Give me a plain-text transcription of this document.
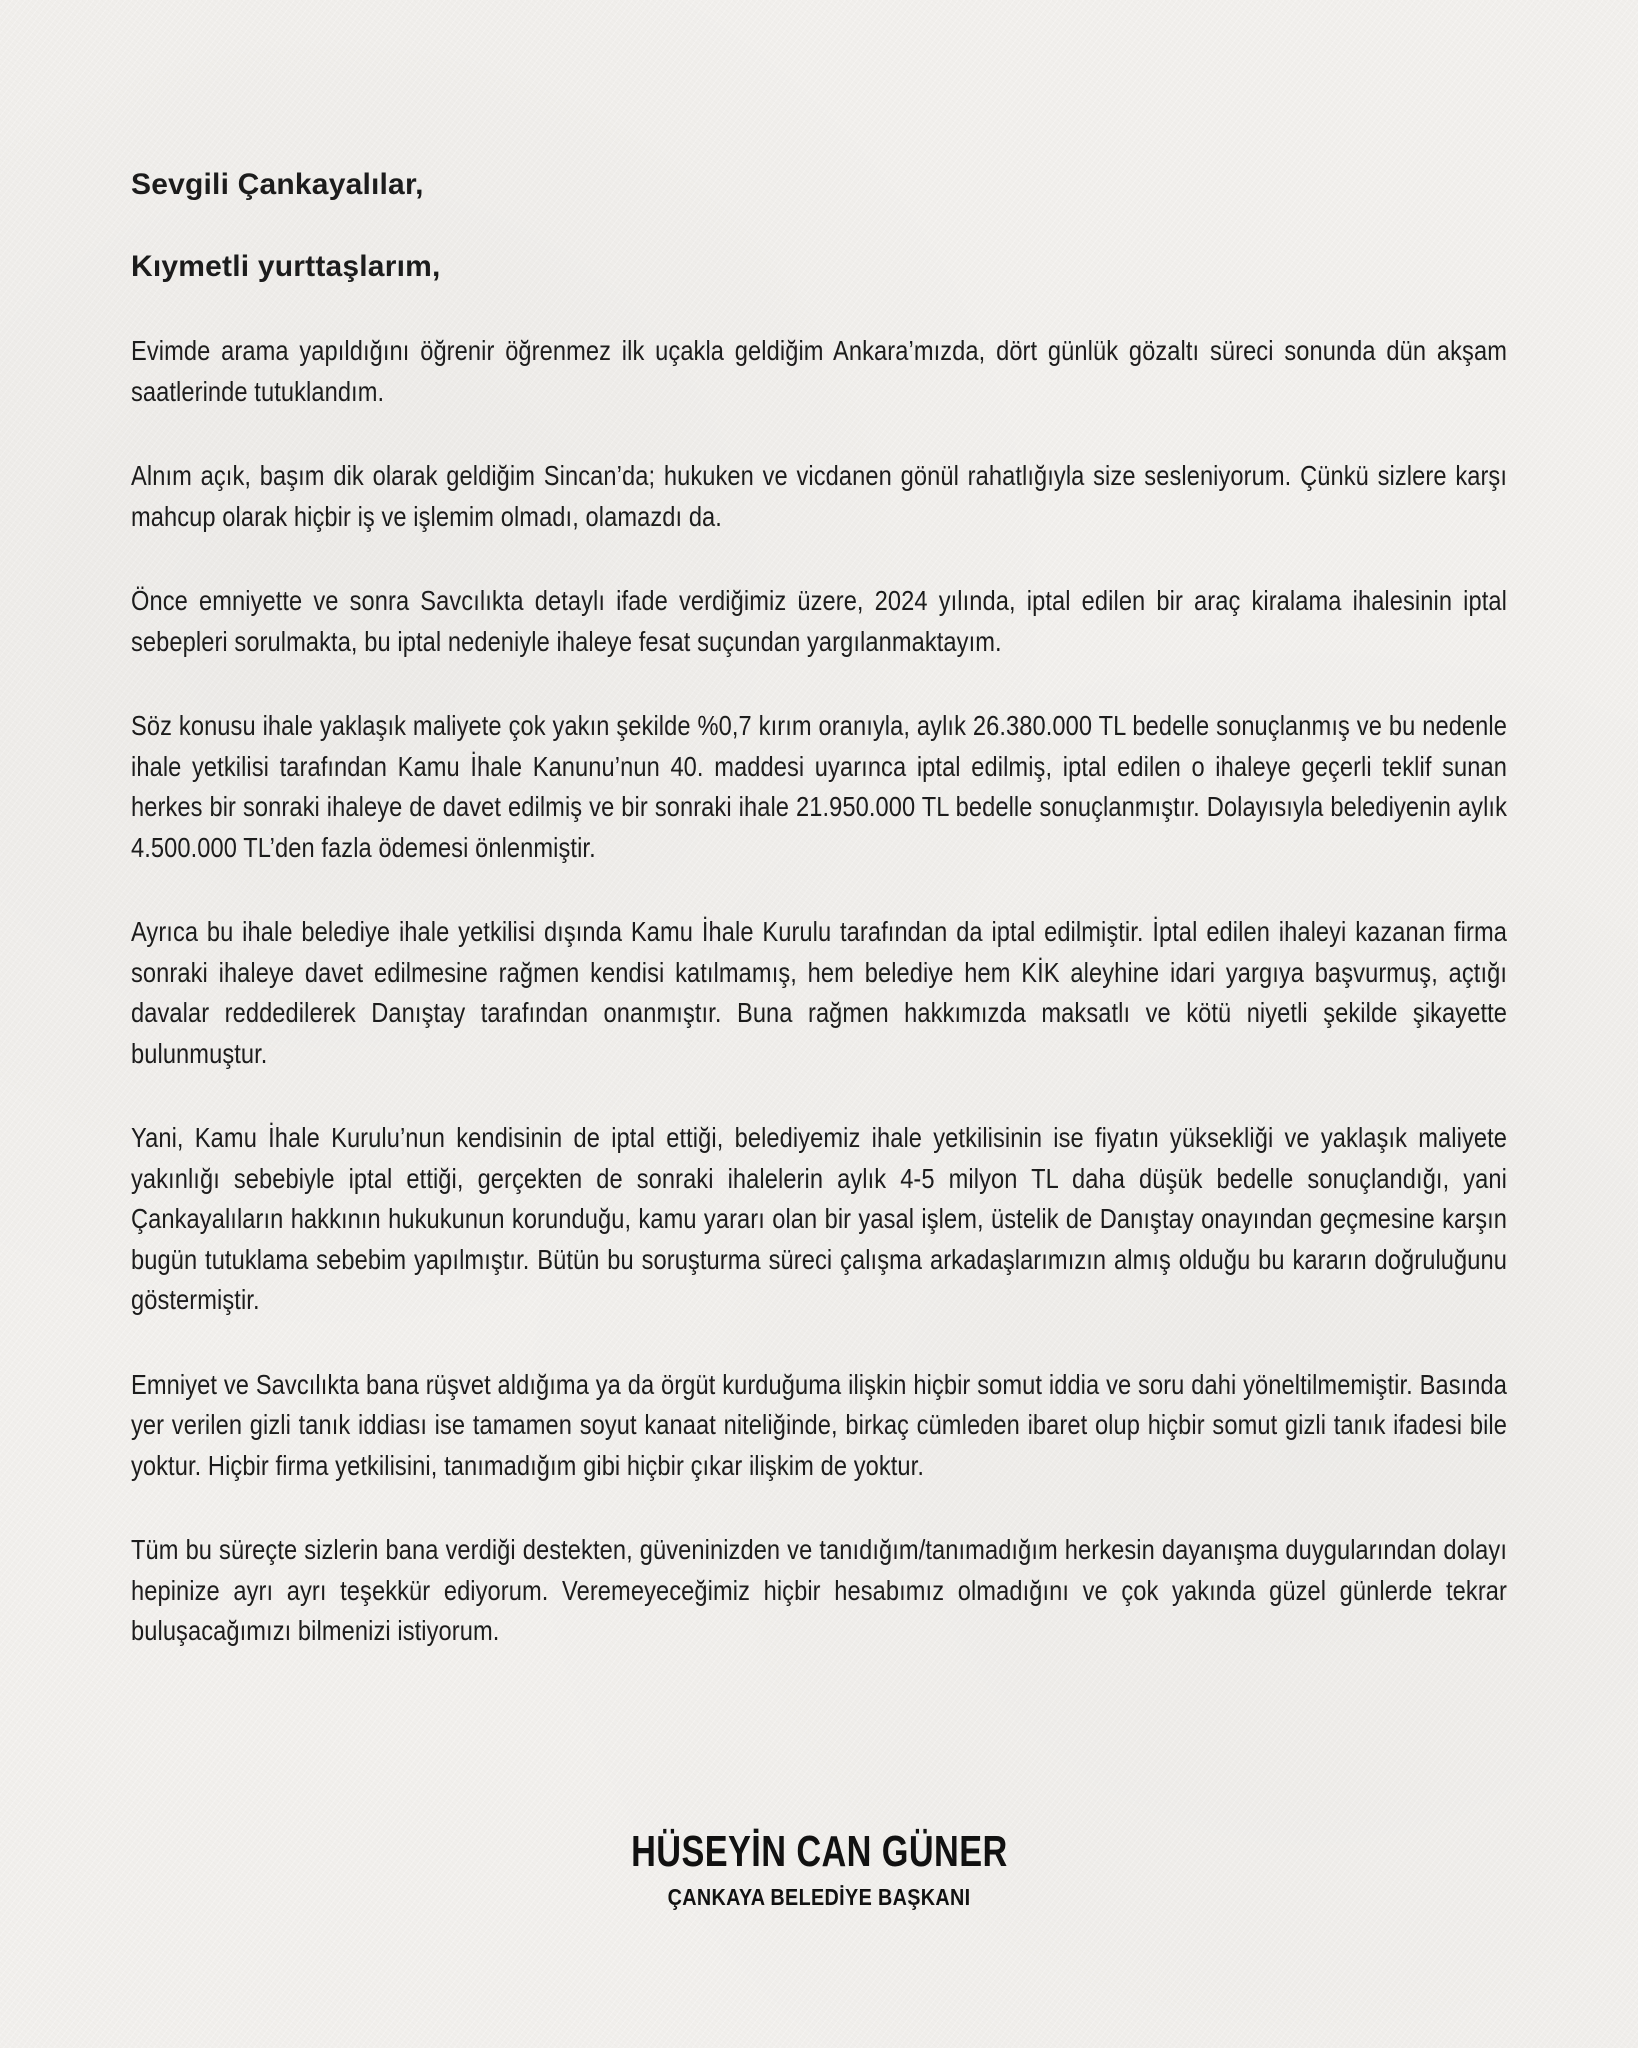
Sevgili Çankayalılar,

Kıymetli yurttaşlarım,

Evimde arama yapıldığını öğrenir öğrenmez ilk uçakla geldiğim Ankara’mızda, dört günlük gözaltı süreci sonunda dün akşam saatlerinde tutuklandım.

Alnım açık, başım dik olarak geldiğim Sincan’da; hukuken ve vicdanen gönül rahatlığıyla size sesleniyorum. Çünkü sizlere karşı mahcup olarak hiçbir iş ve işlemim olmadı, olamazdı da.

Önce emniyette ve sonra Savcılıkta detaylı ifade verdiğimiz üzere, 2024 yılında, iptal edilen bir araç kiralama ihalesinin iptal sebepleri sorulmakta, bu iptal nedeniyle ihaleye fesat suçundan yargılanmaktayım.

Söz konusu ihale yaklaşık maliyete çok yakın şekilde %0,7 kırım oranıyla, aylık 26.380.000 TL bedelle sonuçlanmış ve bu nedenle ihale yetkilisi tarafından Kamu İhale Kanunu’nun 40. maddesi uyarınca iptal edilmiş, iptal edilen o ihaleye geçerli teklif sunan herkes bir sonraki ihaleye de davet edilmiş ve bir sonraki ihale 21.950.000 TL bedelle sonuçlanmıştır. Dolayısıyla belediyenin aylık 4.500.000 TL’den fazla ödemesi önlenmiştir.

Ayrıca bu ihale belediye ihale yetkilisi dışında Kamu İhale Kurulu tarafından da iptal edilmiştir. İptal edilen ihaleyi kazanan firma sonraki ihaleye davet edilmesine rağmen kendisi katılmamış, hem belediye hem KİK aleyhine idari yargıya başvurmuş, açtığı davalar reddedilerek Danıştay tarafından onanmıştır. Buna rağmen hakkımızda maksatlı ve kötü niyetli şekilde şikayette bulunmuştur.

Yani, Kamu İhale Kurulu’nun kendisinin de iptal ettiği, belediyemiz ihale yetkilisinin ise fiyatın yüksekliği ve yaklaşık maliyete yakınlığı sebebiyle iptal ettiği, gerçekten de sonraki ihalelerin aylık 4-5 milyon TL daha düşük bedelle sonuçlandığı, yani Çankayalıların hakkının hukukunun korunduğu, kamu yararı olan bir yasal işlem, üstelik de Danıştay onayından geçmesine karşın bugün tutuklama sebebim yapılmıştır. Bütün bu soruşturma süreci çalışma arkadaşlarımızın almış olduğu bu kararın doğruluğunu göstermiştir.

Emniyet ve Savcılıkta bana rüşvet aldığıma ya da örgüt kurduğuma ilişkin hiçbir somut iddia ve soru dahi yöneltilmemiştir. Basında yer verilen gizli tanık iddiası ise tamamen soyut kanaat niteliğinde, birkaç cümleden ibaret olup hiçbir somut gizli tanık ifadesi bile yoktur. Hiçbir firma yetkilisini, tanımadığım gibi hiçbir çıkar ilişkim de yoktur.

Tüm bu süreçte sizlerin bana verdiği destekten, güveninizden ve tanıdığım/tanımadığım herkesin dayanışma duygularından dolayı hepinize ayrı ayrı teşekkür ediyorum. Veremeyeceğimiz hiçbir hesabımız olmadığını ve çok yakında güzel günlerde tekrar buluşacağımızı bilmenizi istiyorum.

HÜSEYİN CAN GÜNER
ÇANKAYA BELEDİYE BAŞKANI
